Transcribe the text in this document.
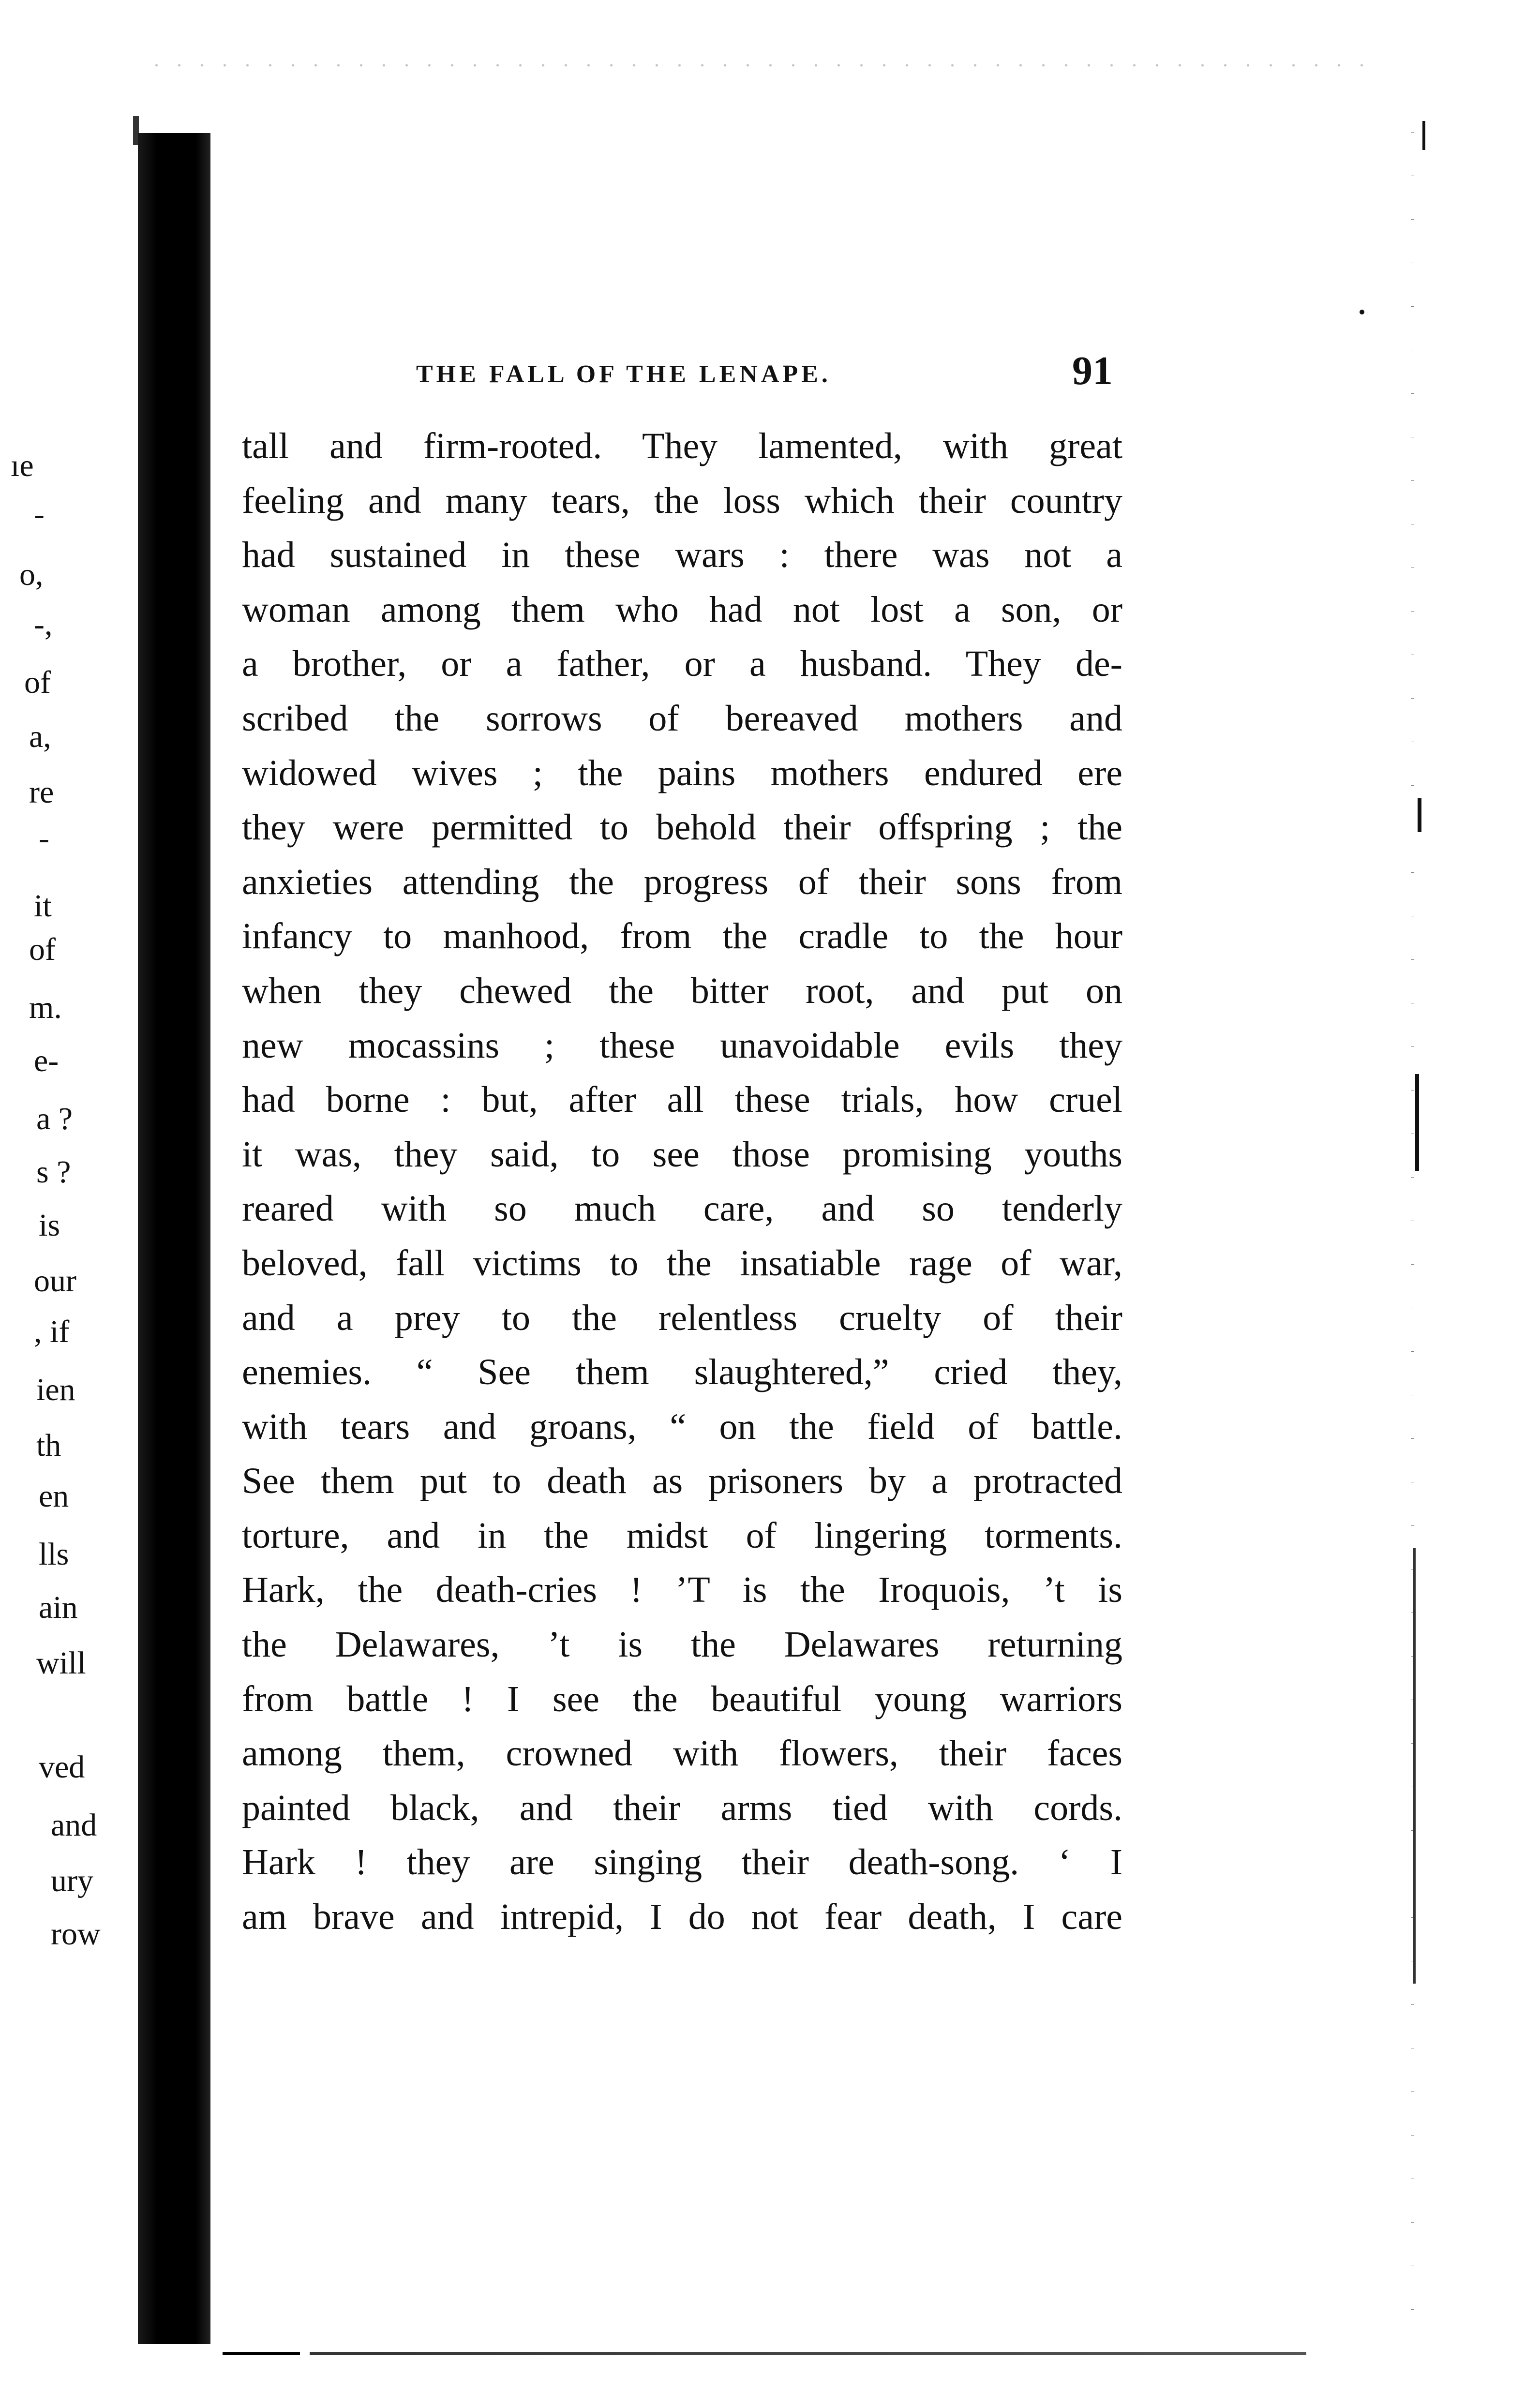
ıe
-
o,
-,
of
a,
re
-
it
of
m.
e-
a ?
s ?
is
our
, if
ien
th
en
lls
ain
will
ved
and
ury
row
THE FALL OF THE LENAPE.	91
tall and firm-rooted. They lamented, with great
feeling and many tears, the loss which their country
had sustained in these wars : there was not a
woman among them who had not lost a son, or
a brother, or a father, or a husband. They de-
scribed the sorrows of bereaved mothers and
widowed wives ; the pains mothers endured ere
they were permitted to behold their offspring ; the
anxieties attending the progress of their sons from
infancy to manhood, from the cradle to the hour
when they chewed the bitter root, and put on
new mocassins ; these unavoidable evils they
had borne : but, after all these trials, how cruel
it was, they said, to see those promising youths
reared with so much care, and so tenderly
beloved, fall victims to the insatiable rage of war,
and a prey to the relentless cruelty of their
enemies. “ See them slaughtered,” cried they,
with tears and groans, “ on the field of battle.
See them put to death as prisoners by a protracted
torture, and in the midst of lingering torments.
Hark, the death-cries ! ’T is the Iroquois, ’t is
the Delawares, ’t is the Delawares returning
from battle ! I see the beautiful young warriors
among them, crowned with flowers, their faces
painted black, and their arms tied with cords.
Hark ! they are singing their death-song. ‘ I
am brave and intrepid, I do not fear death, I care
